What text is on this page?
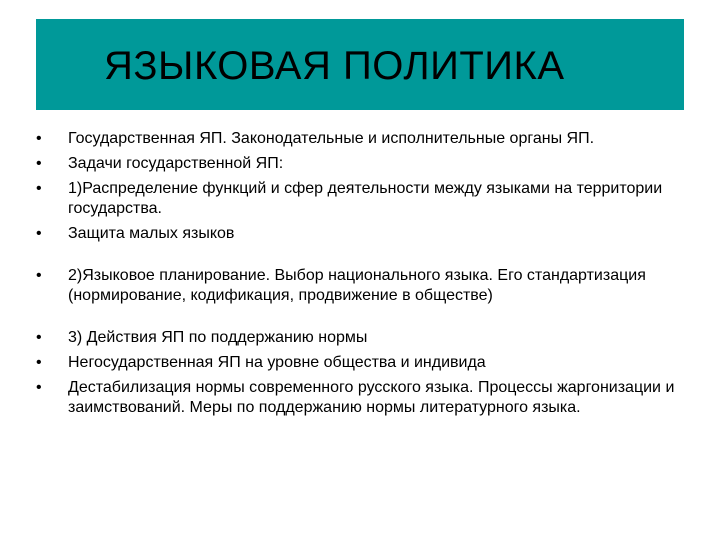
ЯЗЫКОВАЯ ПОЛИТИКА
• Государственная ЯП. Законодательные и исполнительные органы ЯП.
• Задачи государственной ЯП:
• 1)Распределение функций и сфер деятельности между языками на территории государства.
• Защита малых языков
• 2)Языковое планирование. Выбор национального языка. Его стандартизация (нормирование, кодификация, продвижение в обществе)
• 3) Действия ЯП по поддержанию нормы
• Негосударственная ЯП на уровне общества и индивида
• Дестабилизация нормы современного русского языка. Процессы жаргонизации и заимствований. Меры по поддержанию нормы литературного языка.
